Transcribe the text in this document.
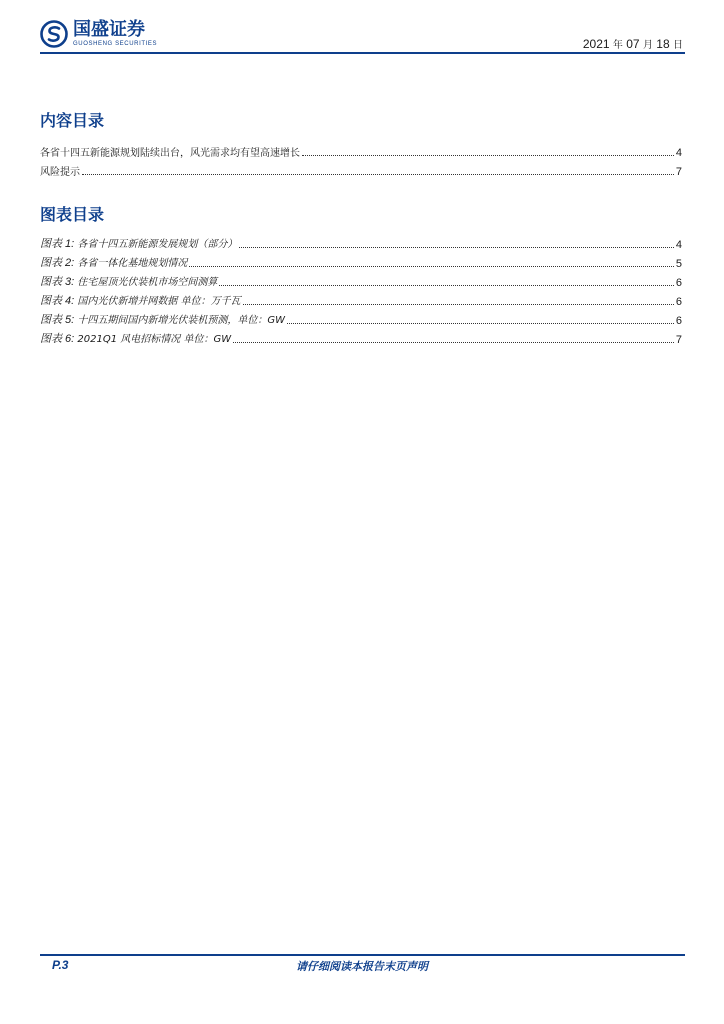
国盛证券
GUOSHENG SECURITIES	2021 年 07 月 18 日
内容目录
各省十四五新能源规划陆续出台，风光需求均有望高速增长	4
风险提示	7
图表目录
图表 1: 各省十四五新能源发展规划（部分）	4
图表 2: 各省一体化基地规划情况	5
图表 3: 住宅屋顶光伏装机市场空间测算	6
图表 4: 国内光伏新增并网数据 单位：万千瓦	6
图表 5: 十四五期间国内新增光伏装机预测，单位：GW	6
图表 6: 2021Q1 风电招标情况 单位：GW	7
P.3	请仔细阅读本报告末页声明
